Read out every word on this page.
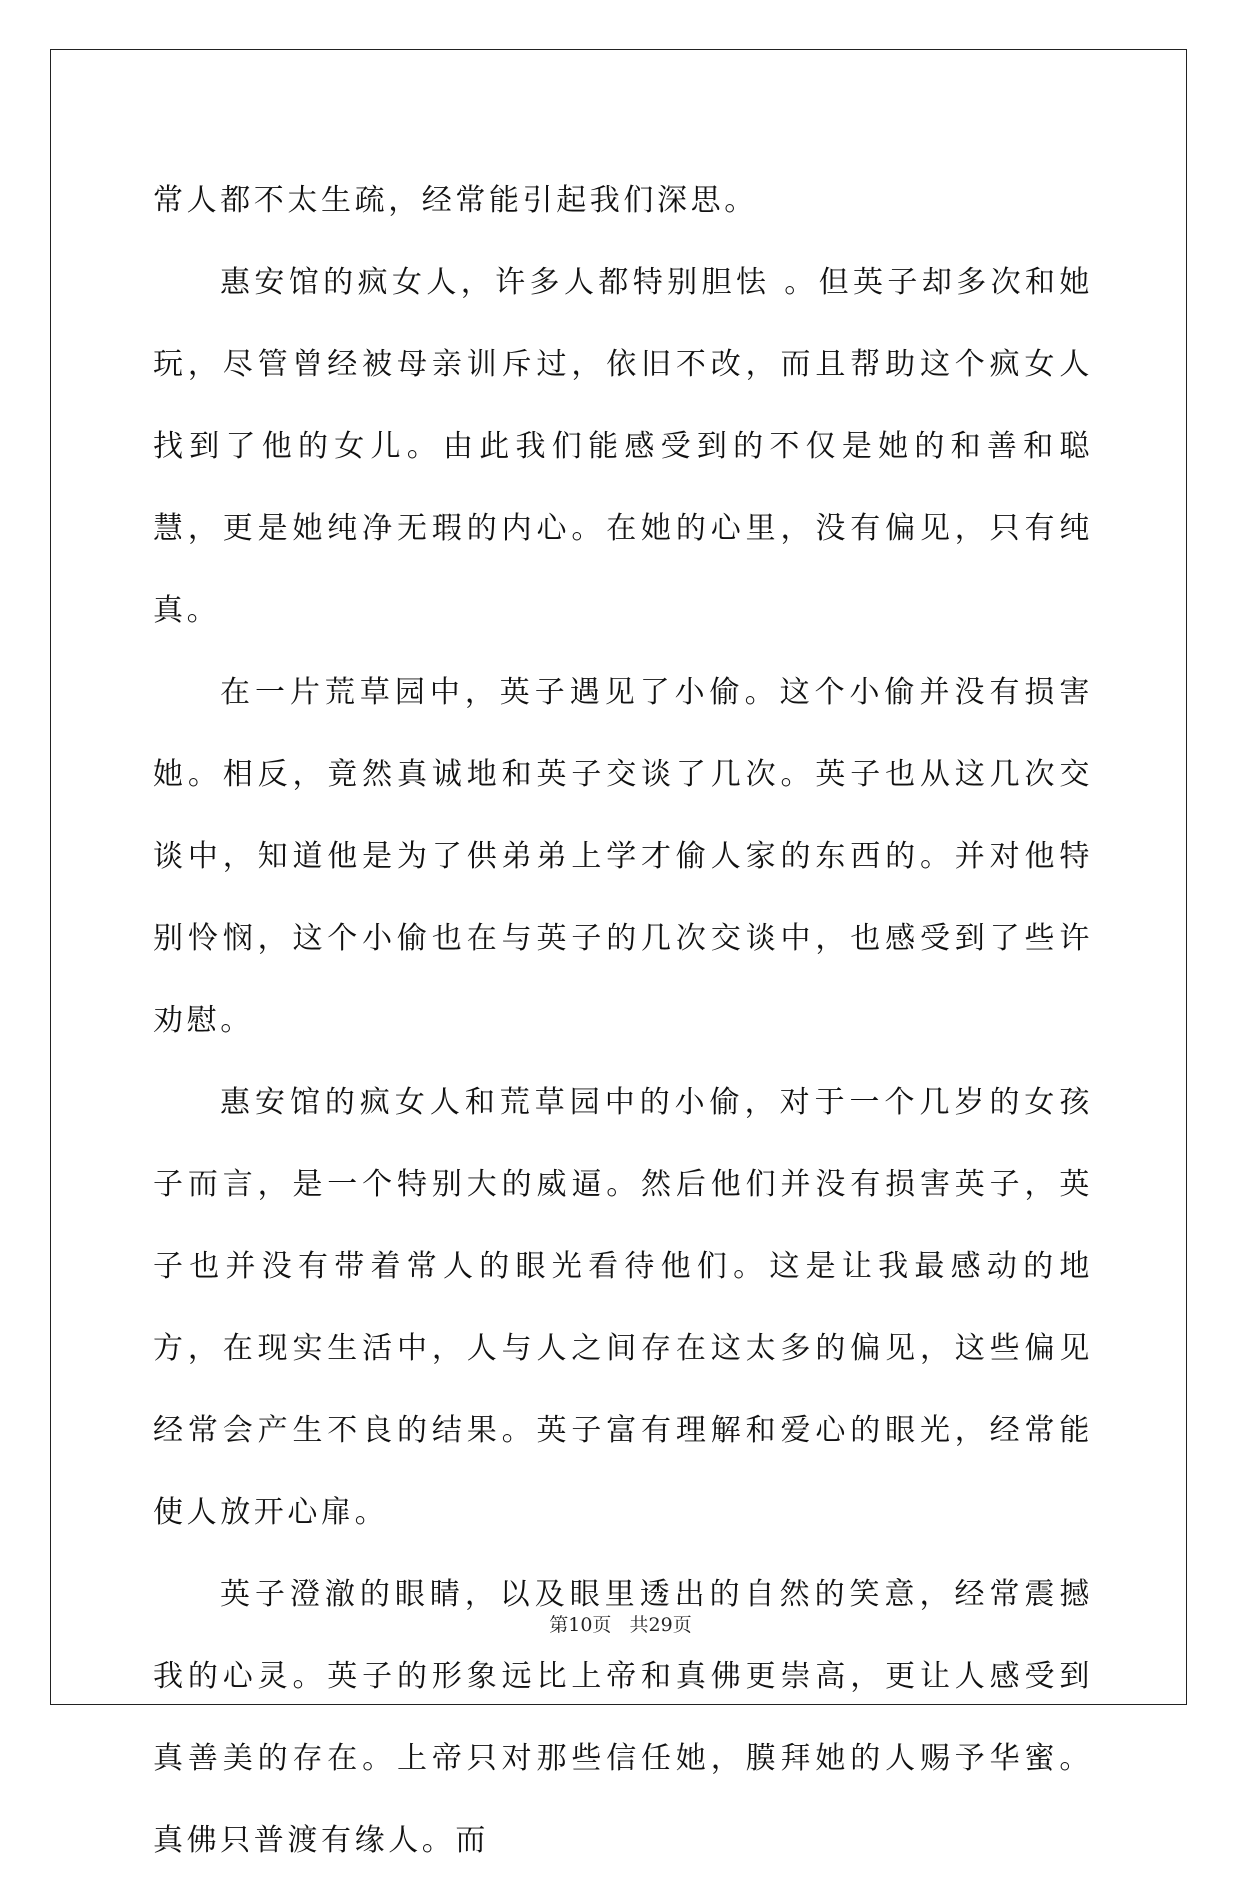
常人都不太生疏，经常能引起我们深思。

惠安馆的疯女人，许多人都特别胆怯 。但英子却多次和她玩，尽管曾经被母亲训斥过，依旧不改，而且帮助这个疯女人找到了他的女儿。由此我们能感受到的不仅是她的和善和聪慧，更是她纯净无瑕的内心。在她的心里，没有偏见，只有纯真。

在一片荒草园中，英子遇见了小偷。这个小偷并没有损害她。相反，竟然真诚地和英子交谈了几次。英子也从这几次交谈中，知道他是为了供弟弟上学才偷人家的东西的。并对他特别怜悯，这个小偷也在与英子的几次交谈中，也感受到了些许劝慰。

惠安馆的疯女人和荒草园中的小偷，对于一个几岁的女孩子而言，是一个特别大的威逼。然后他们并没有损害英子，英子也并没有带着常人的眼光看待他们。这是让我最感动的地方，在现实生活中，人与人之间存在这太多的偏见，这些偏见经常会产生不良的结果。英子富有理解和爱心的眼光，经常能使人放开心扉。

英子澄澈的眼睛，以及眼里透出的自然的笑意，经常震撼我的心灵。英子的形象远比上帝和真佛更崇高，更让人感受到真善美的存在。上帝只对那些信任她，膜拜她的人赐予华蜜。真佛只普渡有缘人。而

第10页   共29页
